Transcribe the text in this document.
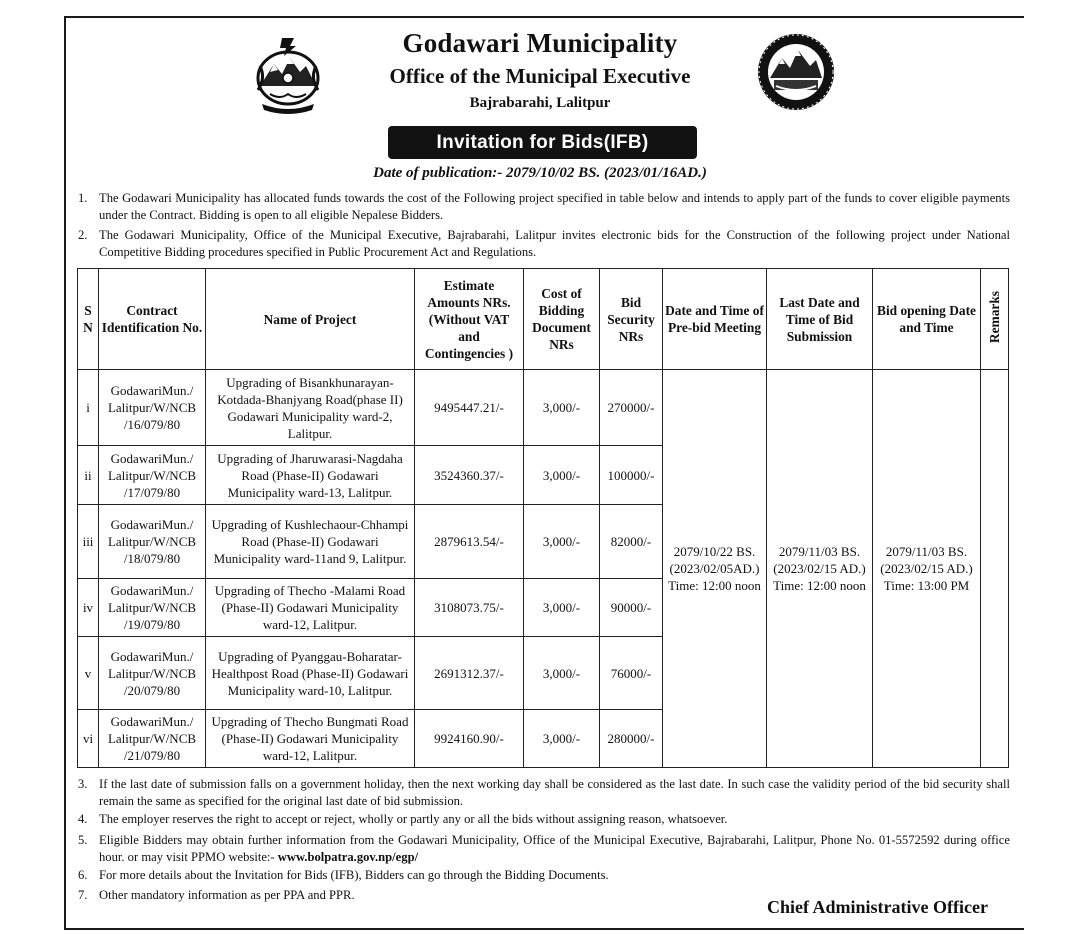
Godawari Municipality
Office of the Municipal Executive
Bajrabarahi, Lalitpur
Invitation for Bids(IFB)
Date of publication:- 2079/10/02 BS. (2023/01/16AD.)
1. The Godawari Municipality has allocated funds towards the cost of the Following project specified in table below and intends to apply part of the funds to cover eligible payments under the Contract. Bidding is open to all eligible Nepalese Bidders.
2. The Godawari Municipality, Office of the Municipal Executive, Bajrabarahi, Lalitpur invites electronic bids for the Construction of the following project under National Competitive Bidding procedures specified in Public Procurement Act and Regulations.
S N	Contract Identification No.	Name of Project	Estimate Amounts NRs. (Without VAT and Contingencies )	Cost of Bidding Document NRs	Bid Security NRs	Date and Time of Pre-bid Meeting	Last Date and Time of Bid Submission	Bid opening Date and Time	Remarks
i	GodawariMun./ Lalitpur/W/NCB /16/079/80	Upgrading of Bisankhunarayan-Kotdada-Bhanjyang Road(phase II) Godawari Municipality ward-2, Lalitpur.	9495447.21/-	3,000/-	270000/-	2079/10/22 BS. (2023/02/05AD.) Time: 12:00 noon	2079/11/03 BS. (2023/02/15 AD.) Time: 12:00 noon	2079/11/03 BS. (2023/02/15 AD.) Time: 13:00 PM	
ii	GodawariMun./ Lalitpur/W/NCB /17/079/80	Upgrading of Jharuwarasi-Nagdaha Road (Phase-II) Godawari Municipality ward-13, Lalitpur.	3524360.37/-	3,000/-	100000/-				
iii	GodawariMun./ Lalitpur/W/NCB /18/079/80	Upgrading of Kushlechaour-Chhampi Road (Phase-II) Godawari Municipality ward-11and 9, Lalitpur.	2879613.54/-	3,000/-	82000/-				
iv	GodawariMun./ Lalitpur/W/NCB /19/079/80	Upgrading of Thecho -Malami Road (Phase-II) Godawari Municipality ward-12, Lalitpur.	3108073.75/-	3,000/-	90000/-				
v	GodawariMun./ Lalitpur/W/NCB /20/079/80	Upgrading of Pyanggau-Boharatar-Healthpost Road (Phase-II) Godawari Municipality ward-10, Lalitpur.	2691312.37/-	3,000/-	76000/-				
vi	GodawariMun./ Lalitpur/W/NCB /21/079/80	Upgrading of Thecho Bungmati Road (Phase-II) Godawari Municipality ward-12, Lalitpur.	9924160.90/-	3,000/-	280000/-				
3. If the last date of submission falls on a government holiday, then the next working day shall be considered as the last date. In such case the validity period of the bid security shall remain the same as specified for the original last date of bid submission.
4. The employer reserves the right to accept or reject, wholly or partly any or all the bids without assigning reason, whatsoever.
5. Eligible Bidders may obtain further information from the Godawari Municipality, Office of the Municipal Executive, Bajrabarahi, Lalitpur, Phone No. 01-5572592 during office hour. or may visit PPMO website:- www.bolpatra.gov.np/egp/
6. For more details about the Invitation for Bids (IFB), Bidders can go through the Bidding Documents.
7. Other mandatory information as per PPA and PPR.
Chief Administrative Officer
